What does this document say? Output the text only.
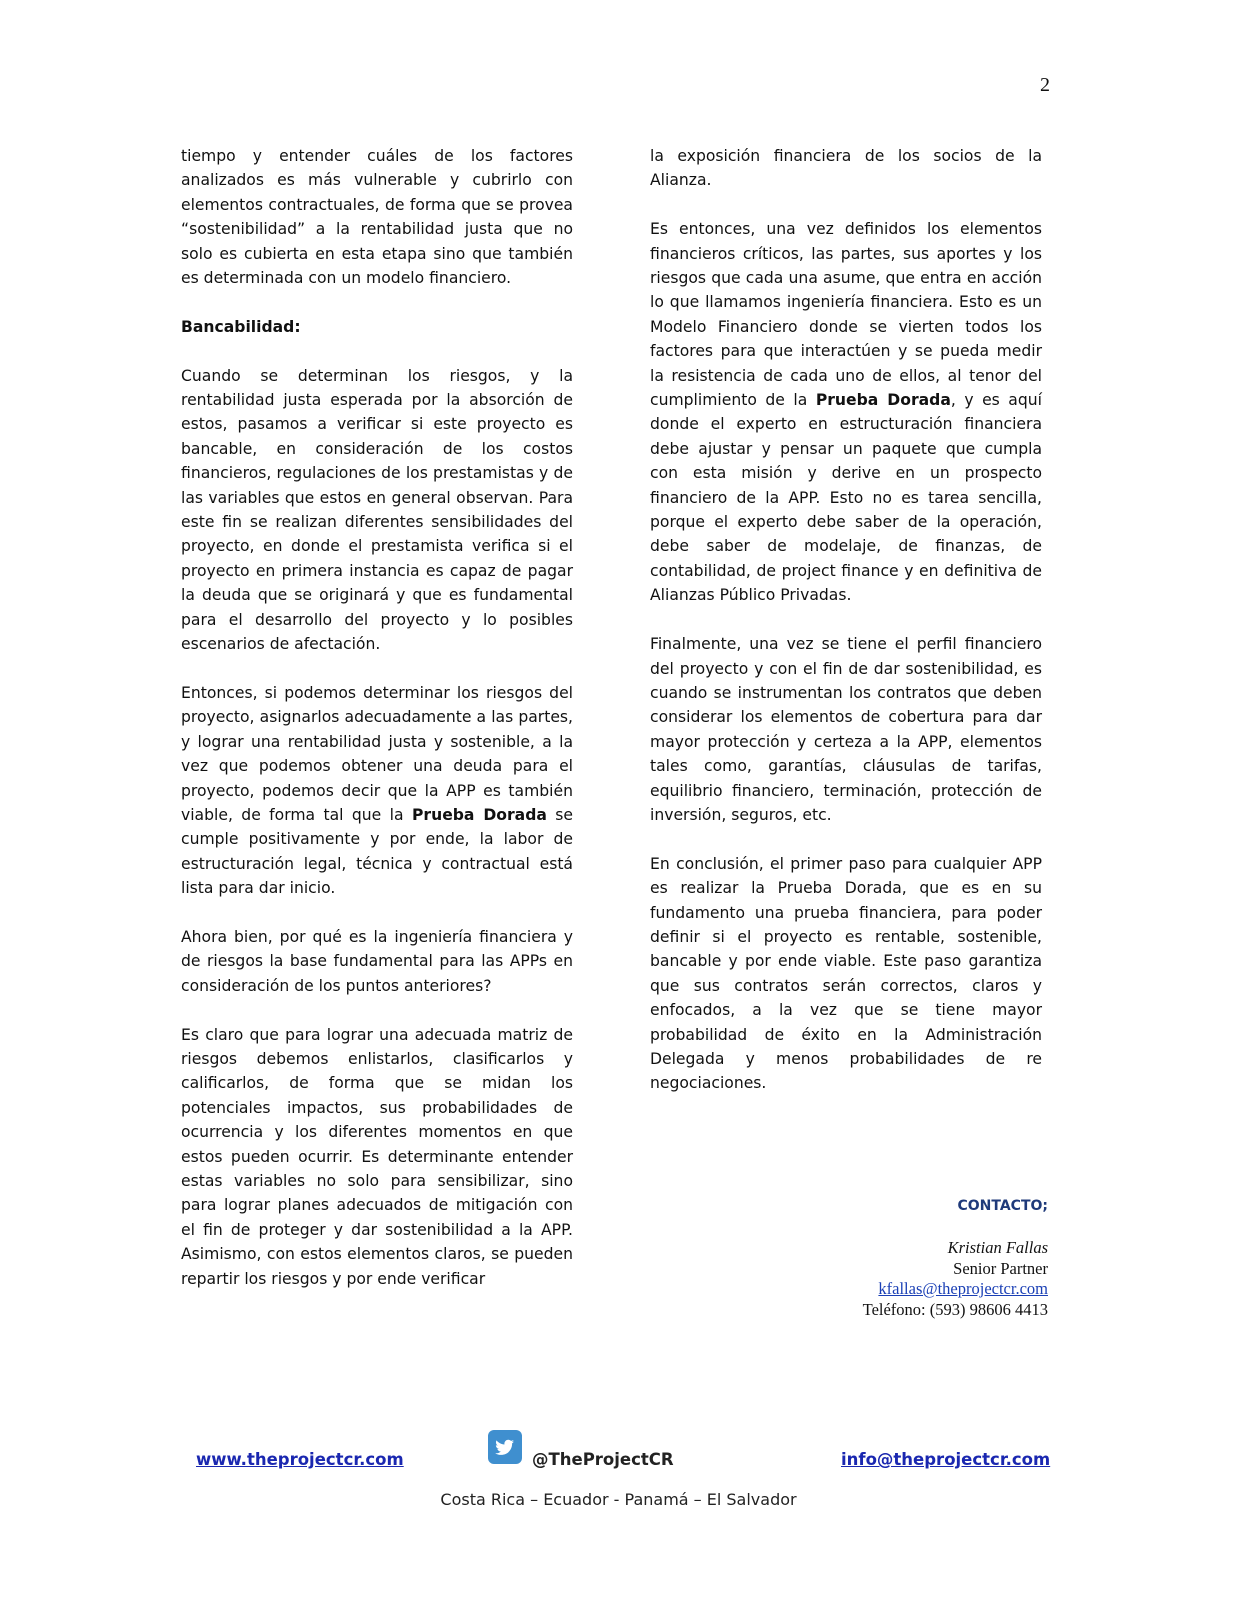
2

tiempo y entender cuáles de los factores analizados es más vulnerable y cubrirlo con elementos contractuales, de forma que se provea “sostenibilidad” a la rentabilidad justa que no solo es cubierta en esta etapa sino que también es determinada con un modelo financiero.

Bancabilidad:

Cuando se determinan los riesgos, y la rentabilidad justa esperada por la absorción de estos, pasamos a verificar si este proyecto es bancable, en consideración de los costos financieros, regulaciones de los prestamistas y de las variables que estos en general observan. Para este fin se realizan diferentes sensibilidades del proyecto, en donde el prestamista verifica si el proyecto en primera instancia es capaz de pagar la deuda que se originará y que es fundamental para el desarrollo del proyecto y lo posibles escenarios de afectación.

Entonces, si podemos determinar los riesgos del proyecto, asignarlos adecuadamente a las partes, y lograr una rentabilidad justa y sostenible, a la vez que podemos obtener una deuda para el proyecto, podemos decir que la APP es también viable, de forma tal que la Prueba Dorada se cumple positivamente y por ende, la labor de estructuración legal, técnica y contractual está lista para dar inicio.

Ahora bien, por qué es la ingeniería financiera y de riesgos la base fundamental para las APPs en consideración de los puntos anteriores?

Es claro que para lograr una adecuada matriz de riesgos debemos enlistarlos, clasificarlos y calificarlos, de forma que se midan los potenciales impactos, sus probabilidades de ocurrencia y los diferentes momentos en que estos pueden ocurrir. Es determinante entender estas variables no solo para sensibilizar, sino para lograr planes adecuados de mitigación con el fin de proteger y dar sostenibilidad a la APP. Asimismo, con estos elementos claros, se pueden repartir los riesgos y por ende verificar

la exposición financiera de los socios de la Alianza.

Es entonces, una vez definidos los elementos financieros críticos, las partes, sus aportes y los riesgos que cada una asume, que entra en acción lo que llamamos ingeniería financiera. Esto es un Modelo Financiero donde se vierten todos los factores para que interactúen y se pueda medir la resistencia de cada uno de ellos, al tenor del cumplimiento de la Prueba Dorada, y es aquí donde el experto en estructuración financiera debe ajustar y pensar un paquete que cumpla con esta misión y derive en un prospecto financiero de la APP. Esto no es tarea sencilla, porque el experto debe saber de la operación, debe saber de modelaje, de finanzas, de contabilidad, de project finance y en definitiva de Alianzas Público Privadas.

Finalmente, una vez se tiene el perfil financiero del proyecto y con el fin de dar sostenibilidad, es cuando se instrumentan los contratos que deben considerar los elementos de cobertura para dar mayor protección y certeza a la APP, elementos tales como, garantías, cláusulas de tarifas, equilibrio financiero, terminación, protección de inversión, seguros, etc.

En conclusión, el primer paso para cualquier APP es realizar la Prueba Dorada, que es en su fundamento una prueba financiera, para poder definir si el proyecto es rentable, sostenible, bancable y por ende viable. Este paso garantiza que sus contratos serán correctos, claros y enfocados, a la vez que se tiene mayor probabilidad de éxito en la Administración Delegada y menos probabilidades de re negociaciones.

CONTACTO;
Kristian Fallas
Senior Partner
kfallas@theprojectcr.com
Teléfono: (593) 98606 4413
www.theprojectcr.com	@TheProjectCR	info@theprojectcr.com
Costa Rica – Ecuador - Panamá – El Salvador
